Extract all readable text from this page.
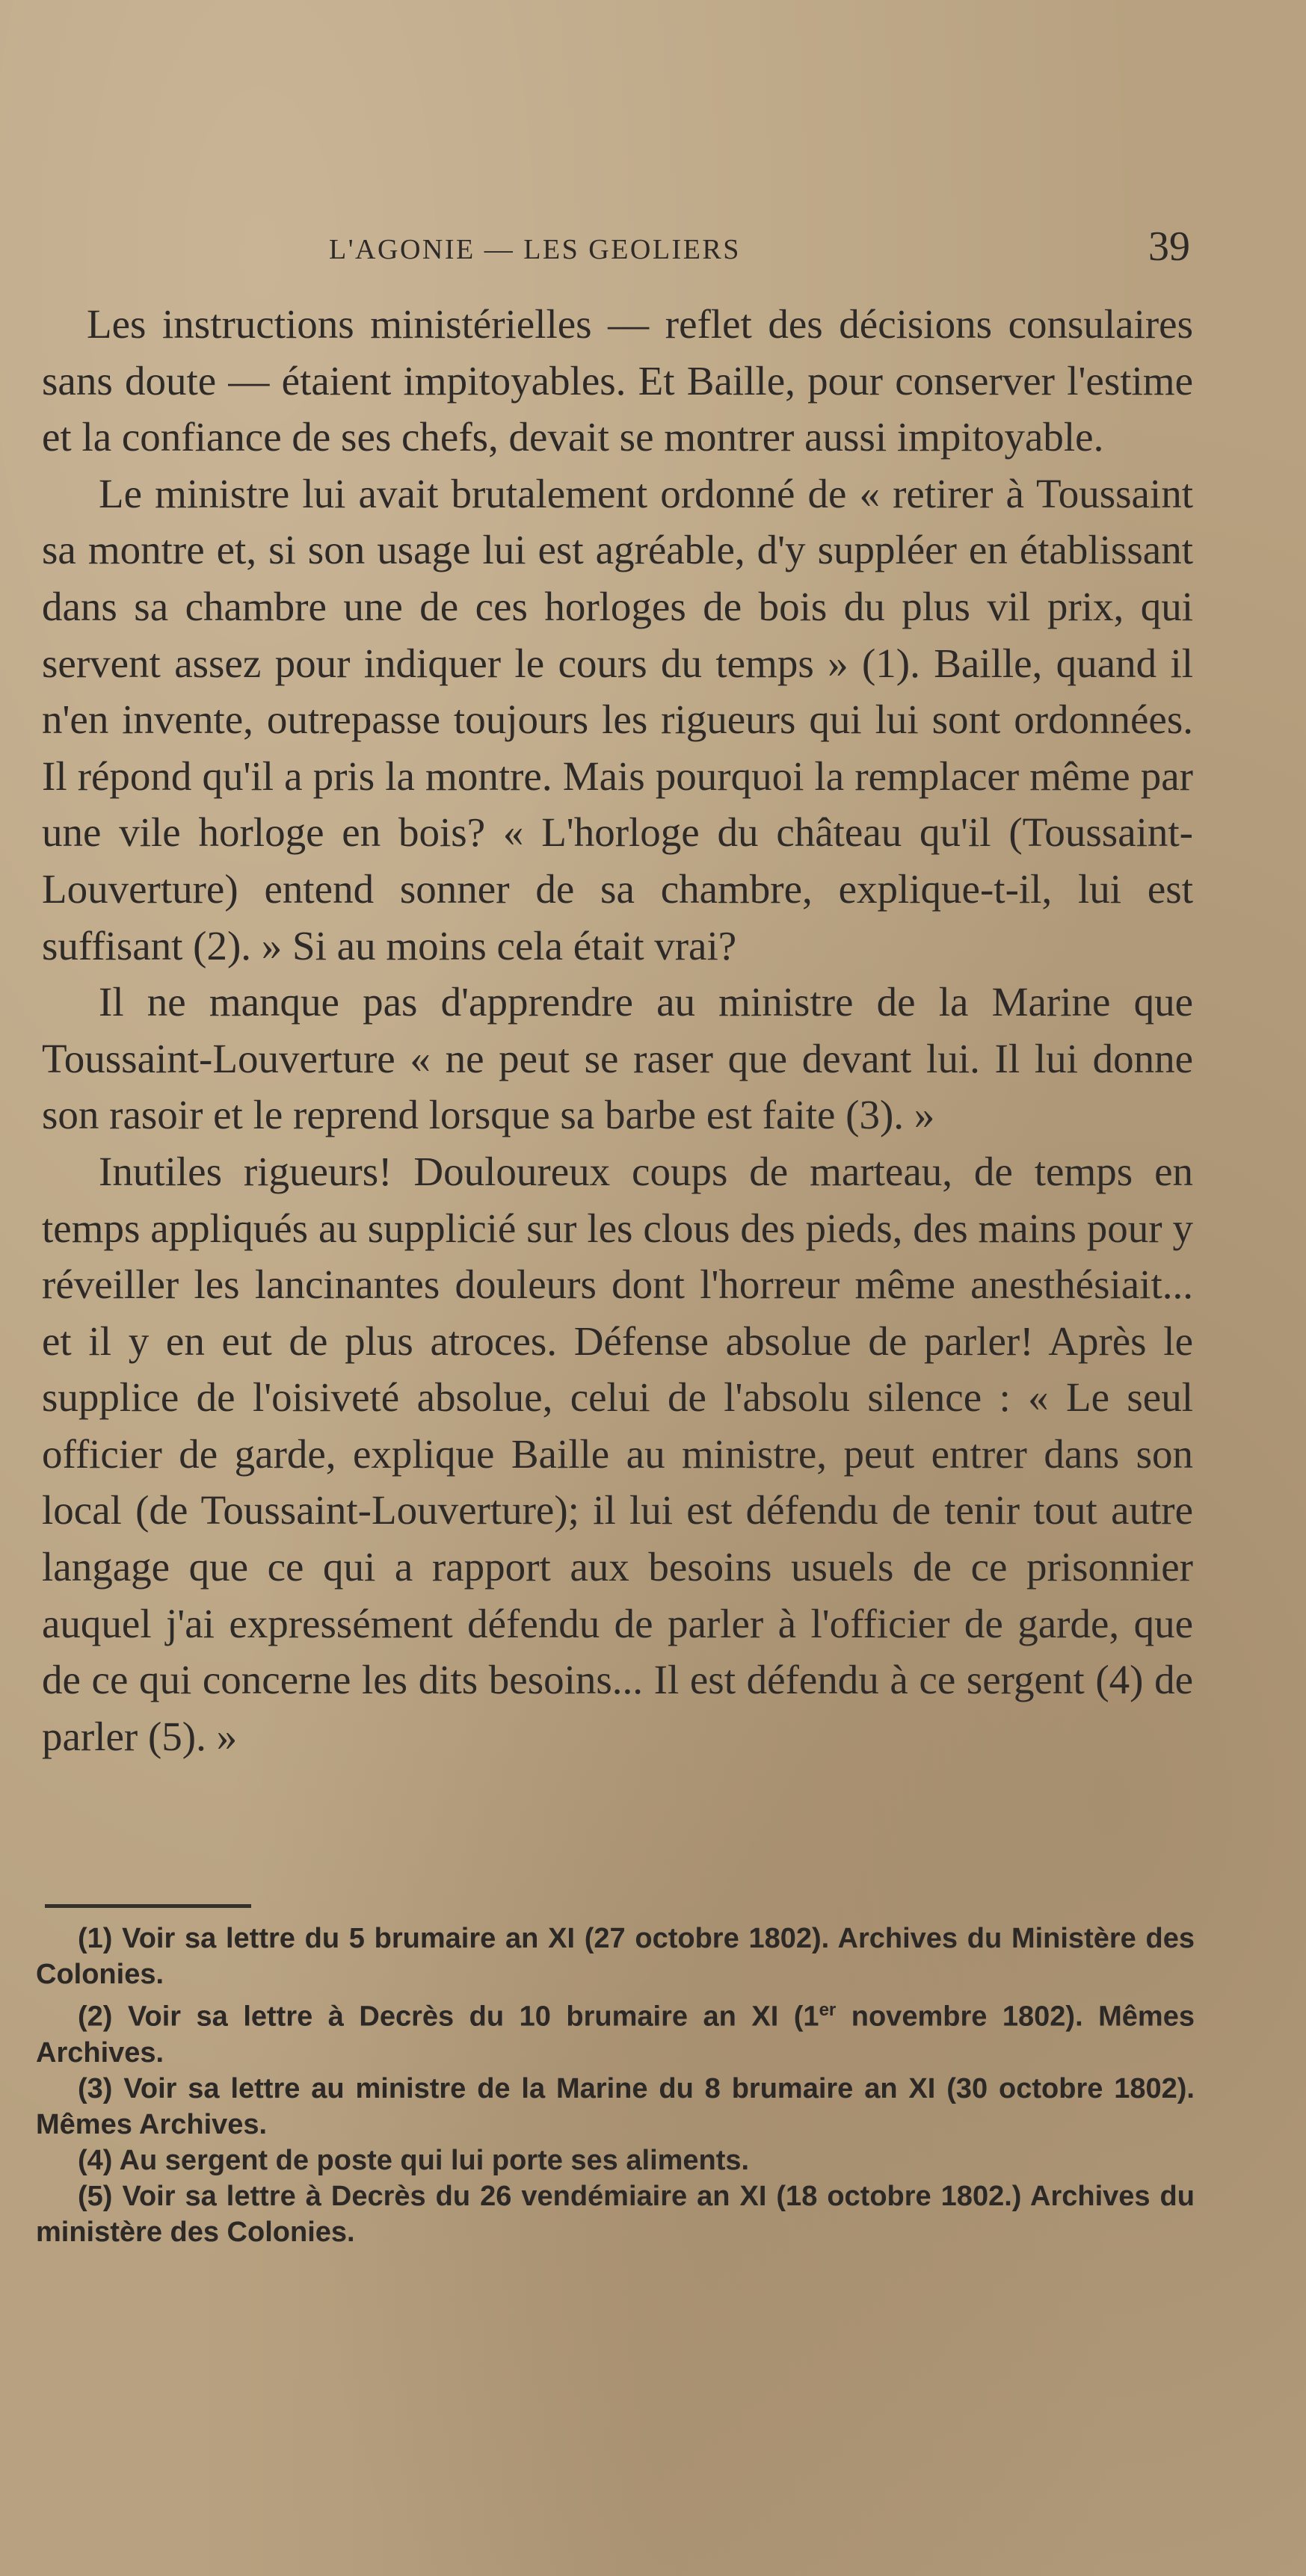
L'AGONIE — LES GEOLIERS	39

Les instructions ministérielles — reflet des décisions consulaires sans doute — étaient impitoyables. Et Baille, pour conserver l'estime et la confiance de ses chefs, devait se montrer aussi impitoyable.

Le ministre lui avait brutalement ordonné de « retirer à Toussaint sa montre et, si son usage lui est agréable, d'y suppléer en établissant dans sa chambre une de ces horloges de bois du plus vil prix, qui servent assez pour indiquer le cours du temps » (1). Baille, quand il n'en invente, outrepasse toujours les rigueurs qui lui sont ordonnées. Il répond qu'il a pris la montre. Mais pourquoi la remplacer même par une vile horloge en bois? « L'horloge du château qu'il (Toussaint-Louverture) entend sonner de sa chambre, explique-t-il, lui est suffisant (2). » Si au moins cela était vrai?

Il ne manque pas d'apprendre au ministre de la Marine que Toussaint-Louverture « ne peut se raser que devant lui. Il lui donne son rasoir et le reprend lorsque sa barbe est faite (3). »

Inutiles rigueurs! Douloureux coups de marteau, de temps en temps appliqués au supplicié sur les clous des pieds, des mains pour y réveiller les lancinantes douleurs dont l'horreur même anesthésiait... et il y en eut de plus atroces. Défense absolue de parler! Après le supplice de l'oisiveté absolue, celui de l'absolu silence : « Le seul officier de garde, explique Baille au ministre, peut entrer dans son local (de Toussaint-Louverture); il lui est défendu de tenir tout autre langage que ce qui a rapport aux besoins usuels de ce prisonnier auquel j'ai expressément défendu de parler à l'officier de garde, que de ce qui concerne les dits besoins... Il est défendu à ce sergent (4) de parler (5). »

(1) Voir sa lettre du 5 brumaire an XI (27 octobre 1802). Archives du Ministère des Colonies.

(2) Voir sa lettre à Decrès du 10 brumaire an XI (1er novembre 1802). Mêmes Archives.

(3) Voir sa lettre au ministre de la Marine du 8 brumaire an XI (30 octobre 1802). Mêmes Archives.

(4) Au sergent de poste qui lui porte ses aliments.

(5) Voir sa lettre à Decrès du 26 vendémiaire an XI (18 octobre 1802.) Archives du ministère des Colonies.
